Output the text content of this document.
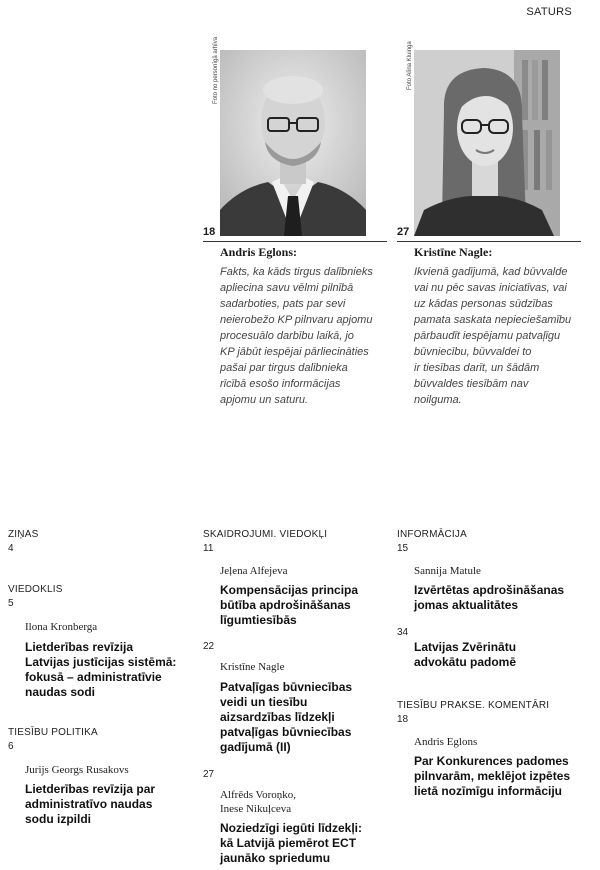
SATURS
Foto no personīgā arhīva
18
Andris Eglons:
Fakts, ka kāds tirgus dalībnieks
apliecina savu vēlmi pilnībā
sadarboties, pats par sevi
neierobežo KP pilnvaru apjomu
procesuālo darbību laikā, jo
KP jābūt iespējai pārliecināties
pašai par tirgus dalībnieka
rīcībā esošo informācijas
apjomu un saturu.
Foto Alīna Kluinga
27
Kristīne Nagle:
Ikvienā gadījumā, kad būvvalde
vai nu pēc savas iniciatīvas, vai
uz kādas personas sūdzības
pamata saskata nepieciešamību
pārbaudīt iespējamu patvaļīgu
būvniecību, būvvaldei to
ir tiesības darīt, un šādām
būvvaldes tiesībām nav
noilguma.
ZIŅAS
4
VIEDOKLIS
5
Ilona Kronberga
Lietderības revīzija
Latvijas justīcijas sistēmā:
fokusā – administratīvie
naudas sodi
TIESĪBU POLITIKA
6
Jurijs Georgs Rusakovs
Lietderības revīzija par
administratīvo naudas
sodu izpildi
SKAIDROJUMI. VIEDOKĻI
11
Jeļena Alfejeva
Kompensācijas principa
būtība apdrošināšanas
līgumtiesībās
22
Kristīne Nagle
Patvaļīgas būvniecības
veidi un tiesību
aizsardzības līdzekļi
patvaļīgas būvniecības
gadījumā (II)
27
Alfrēds Voroņko,
Inese Nikuļceva
Noziedzīgi iegūti līdzekļi:
kā Latvijā piemērot ECT
jaunāko spriedumu
INFORMĀCIJA
15
Sannija Matule
Izvērtētas apdrošināšanas
jomas aktualitātes
34
Latvijas Zvērinātu
advokātu padomē
TIESĪBU PRAKSE. KOMENTĀRI
18
Andris Eglons
Par Konkurences padomes
pilnvarām, meklējot izpētes
lietā nozīmīgu informāciju
